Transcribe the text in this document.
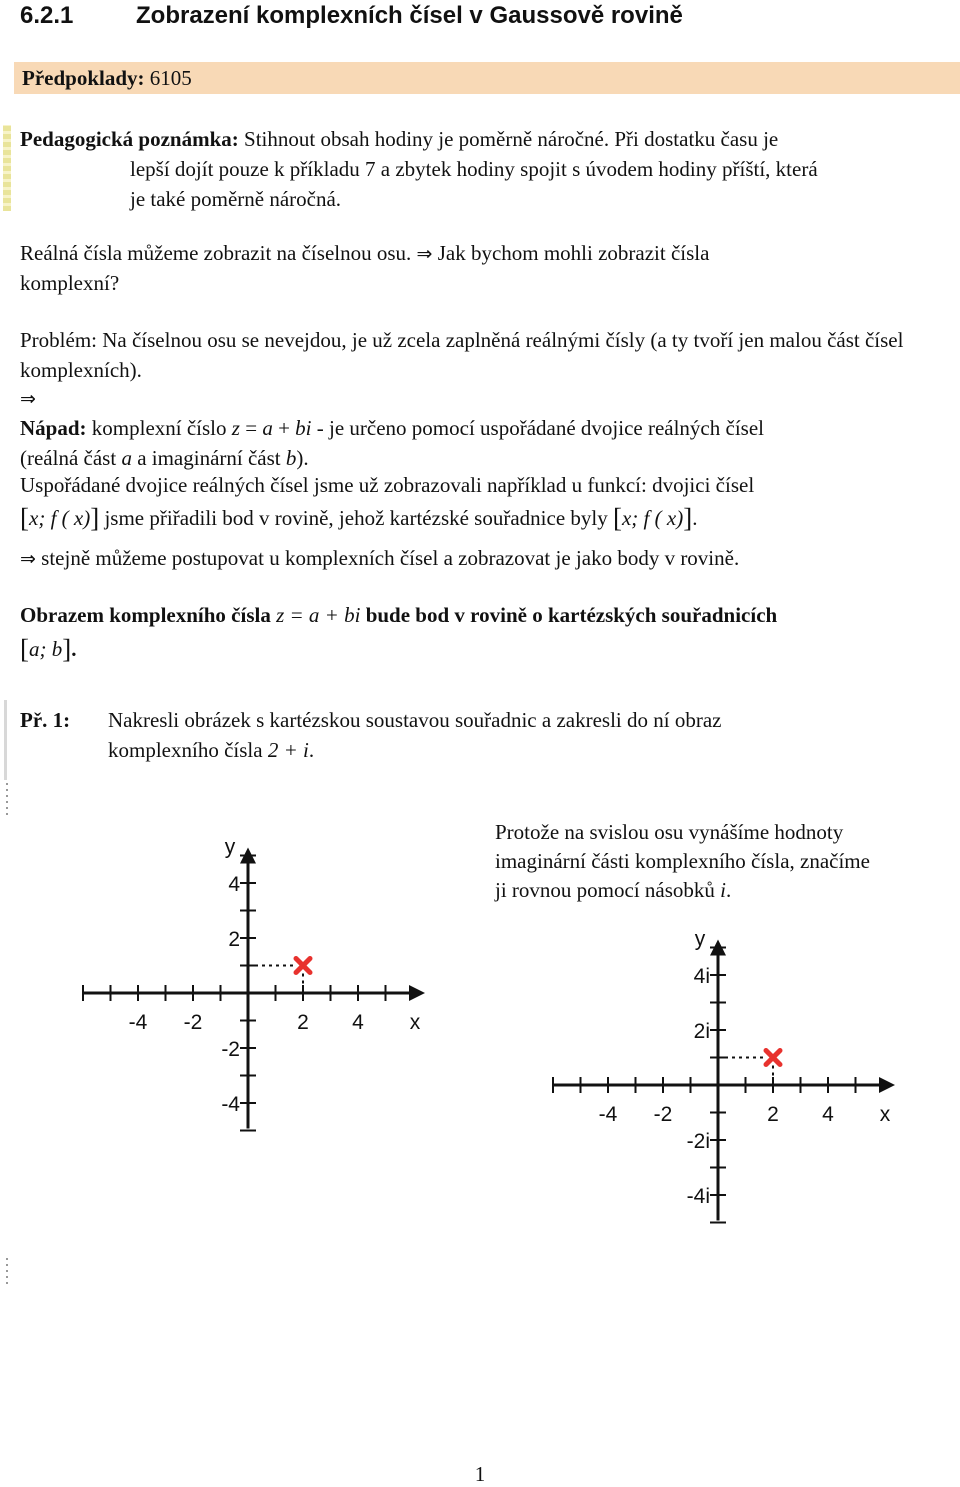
6.2.1	Zobrazení komplexních čísel v Gaussově rovině
Předpoklady: 6105
Pedagogická poznámka: Stihnout obsah hodiny je poměrně náročné. Při dostatku času je
lepší dojít pouze k příkladu 7 a zbytek hodiny spojit s úvodem hodiny příští, která
je také poměrně náročná.
Reálná čísla můžeme zobrazit na číselnou osu. ⇒ Jak bychom mohli zobrazit čísla
komplexní?
Problém: Na číselnou osu se nevejdou, je už zcela zaplněná reálnými čísly (a ty tvoří jen malou část čísel komplexních).
⇒
Nápad: komplexní číslo z = a + bi - je určeno pomocí uspořádané dvojice reálných čísel
(reálná část a a imaginární část b).
Uspořádané dvojice reálných čísel jsme už zobrazovali například u funkcí: dvojici čísel
[x; f ( x)] jsme přiřadili bod v rovině, jehož kartézské souřadnice byly [x; f ( x)].
⇒ stejně můžeme postupovat u komplexních čísel a zobrazovat je jako body v rovině.
Obrazem komplexního čísla z = a + bi bude bod v rovině o kartézských souřadnicích
[a; b].
Př. 1: Nakresli obrázek s kartézskou soustavou souřadnic a zakresli do ní obraz
komplexního čísla 2 + i.
Protože na svislou osu vynášíme hodnoty
imaginární části komplexního čísla, značíme
ji rovnou pomocí násobků i.
-4 -2	2 4
4
2
-2
-4
x
y
-4 -2	2 4
4i
2i
-2i
-4i
x
y
1
